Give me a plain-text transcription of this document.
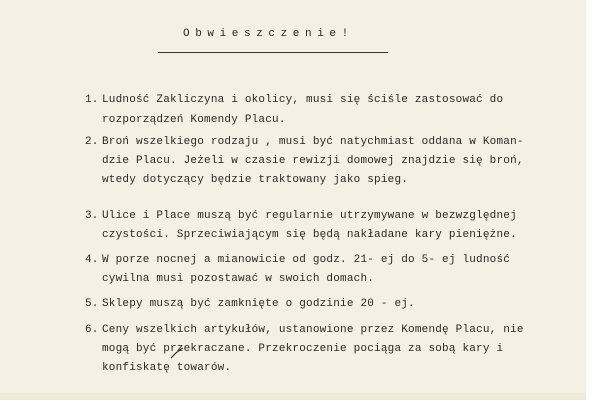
Obwieszczenie!

1.

Ludność Zakliczyna i okolicy, musi się ściśle zastosować do

rozporządzeń Komendy Placu.

2.

Broń wszelkiego rodzaju , musi być natychmiast oddana w Koman-

dzie Placu. Jeżeli w czasie rewizji domowej znajdzie się broń,

wtedy dotyczący będzie traktowany jako spieg.

3.

Ulice i Place muszą być regularnie utrzymywane w bezwzględnej

czystości. Sprzeciwiającym się będą nakładane kary pieniężne.

4.

W porze nocnej a mianowicie od godz. 21- ej do 5- ej ludność

cywilna musi pozostawać w swoich domach.

5.

Sklepy muszą być zamknięte o godzinie 20 - ej.

6.

Ceny wszelkich artykułów, ustanowione przez Komendę Placu, nie

mogą być przekraczane. Przekroczenie pociąga za sobą kary i

konfiskatę towarów.
